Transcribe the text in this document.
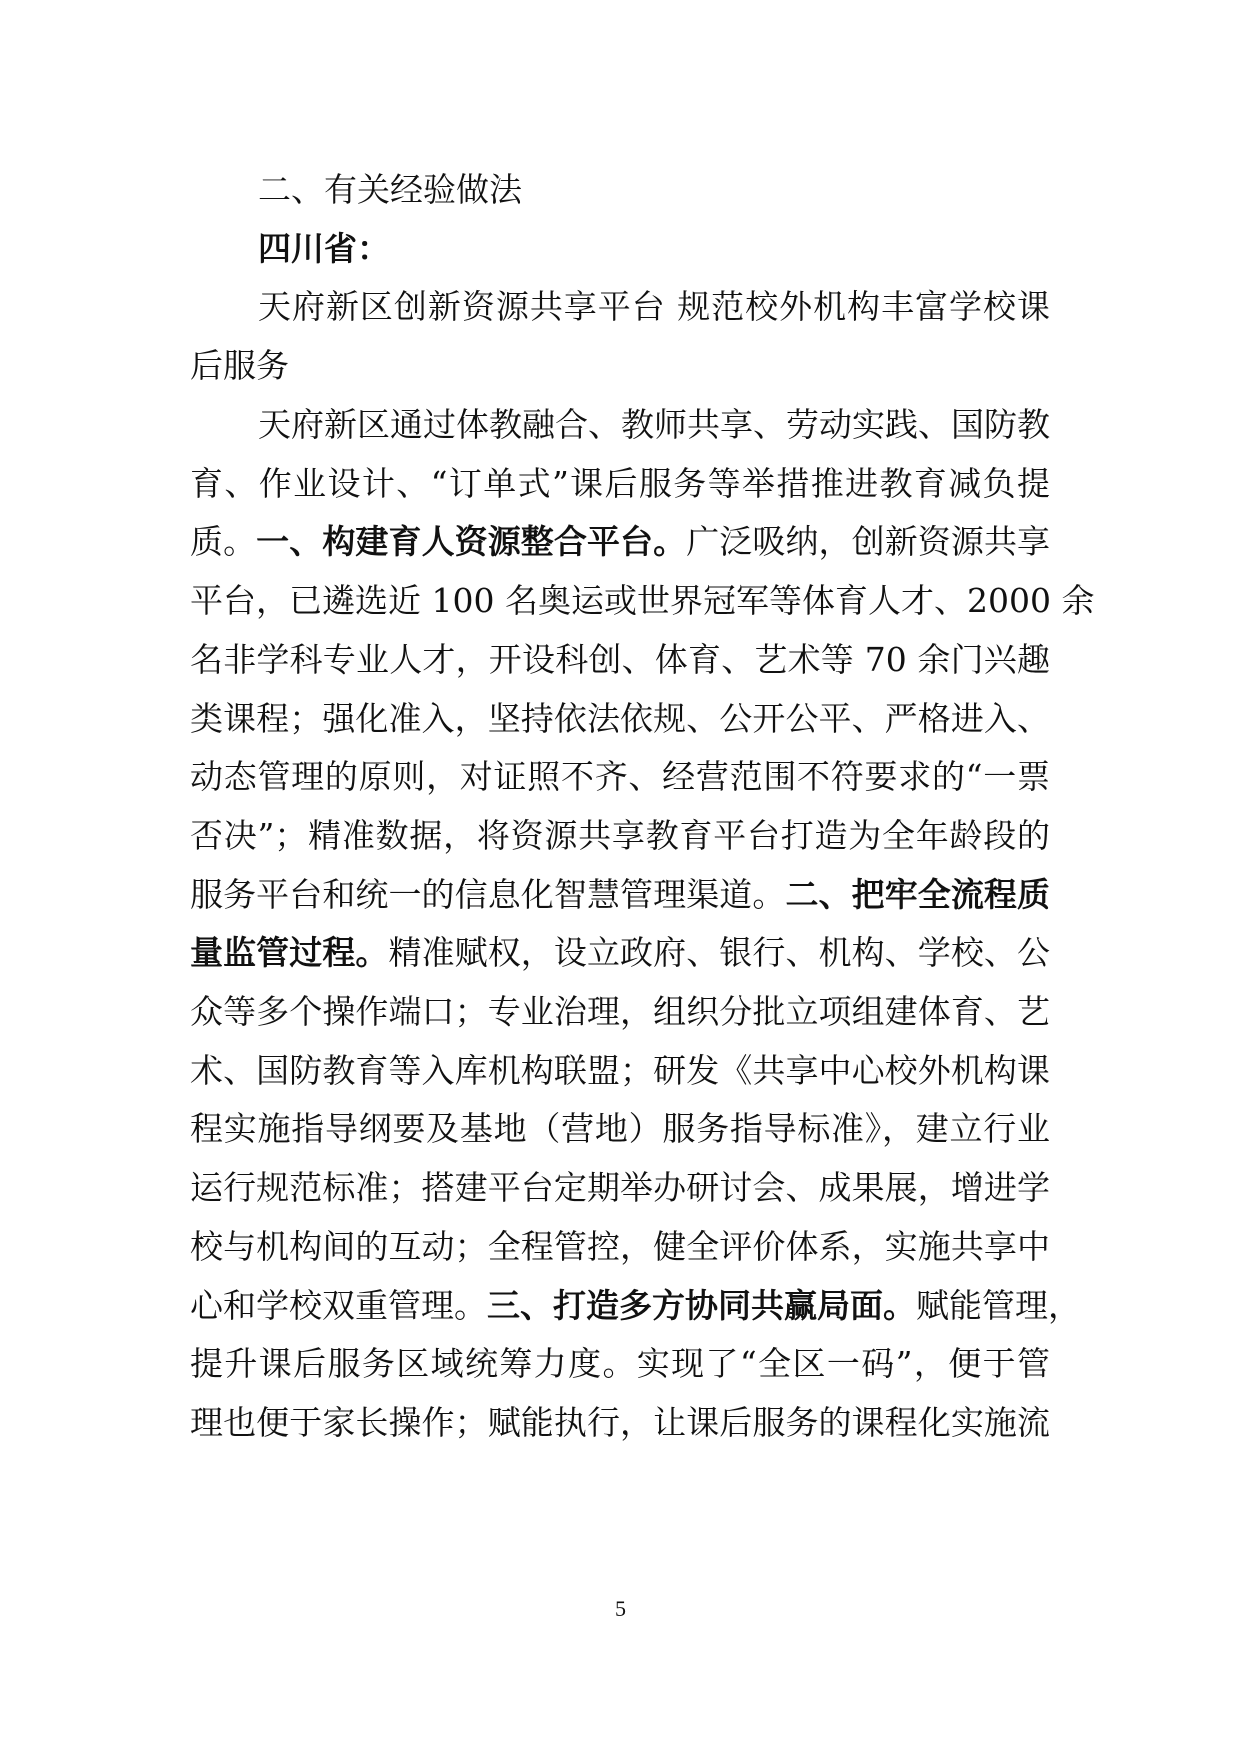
二、有关经验做法
四川省：
天府新区创新资源共享平台 规范校外机构丰富学校课
后服务
天府新区通过体教融合、教师共享、劳动实践、国防教
育、作业设计、“订单式”课后服务等举措推进教育减负提
质。一、构建育人资源整合平台。广泛吸纳，创新资源共享
平台，已遴选近 100 名奥运或世界冠军等体育人才、2000 余
名非学科专业人才，开设科创、体育、艺术等 70 余门兴趣
类课程；强化准入，坚持依法依规、公开公平、严格进入、
动态管理的原则，对证照不齐、经营范围不符要求的“一票
否决”；精准数据，将资源共享教育平台打造为全年龄段的
服务平台和统一的信息化智慧管理渠道。二、把牢全流程质
量监管过程。精准赋权，设立政府、银行、机构、学校、公
众等多个操作端口；专业治理，组织分批立项组建体育、艺
术、国防教育等入库机构联盟；研发《共享中心校外机构课
程实施指导纲要及基地（营地）服务指导标准》，建立行业
运行规范标准；搭建平台定期举办研讨会、成果展，增进学
校与机构间的互动；全程管控，健全评价体系，实施共享中
心和学校双重管理。三、打造多方协同共赢局面。赋能管理，
提升课后服务区域统筹力度。实现了“全区一码”，便于管
理也便于家长操作；赋能执行，让课后服务的课程化实施流
5
